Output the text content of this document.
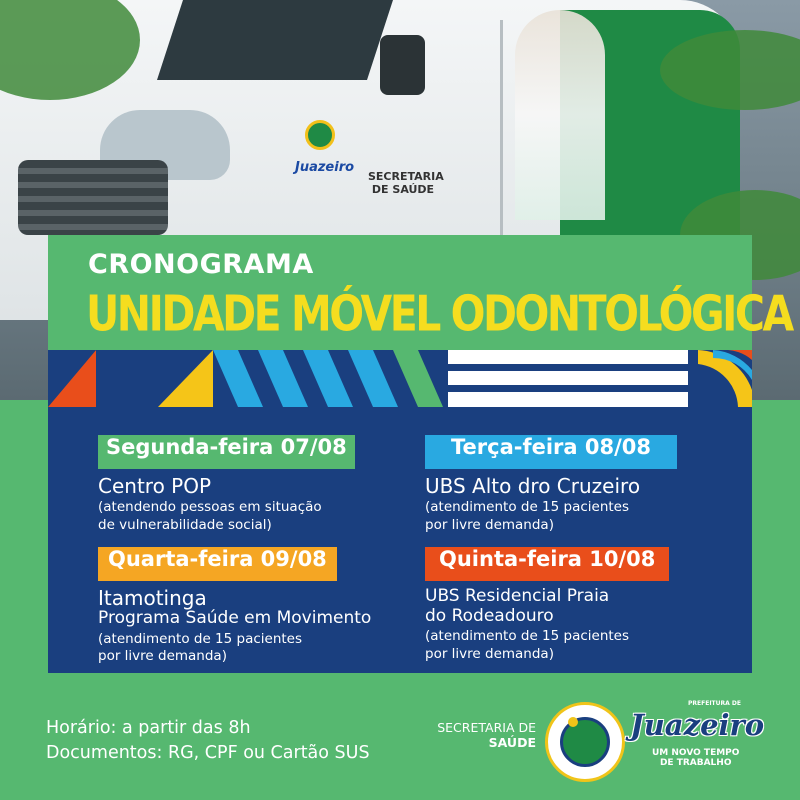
Juazeiro
SECRETARIA DE SAÚDE
CRONOGRAMA
UNIDADE MÓVEL ODONTOLÓGICA
Segunda-feira 07/08
Centro POP
(atendendo pessoas em situação
de vulnerabilidade social)
Terça-feira 08/08
UBS Alto dro Cruzeiro
(atendimento de 15 pacientes
por livre demanda)
Quarta-feira 09/08
Itamotinga
Programa Saúde em Movimento
(atendimento de 15 pacientes
por livre demanda)
Quinta-feira 10/08
UBS Residencial Praia
do Rodeadouro
(atendimento de 15 pacientes
por livre demanda)
Horário: a partir das 8h
Documentos: RG, CPF ou Cartão SUS
SECRETARIA DE
SAÚDE
PREFEITURA DE
Juazeiro
UM NOVO TEMPO
DE TRABALHO
